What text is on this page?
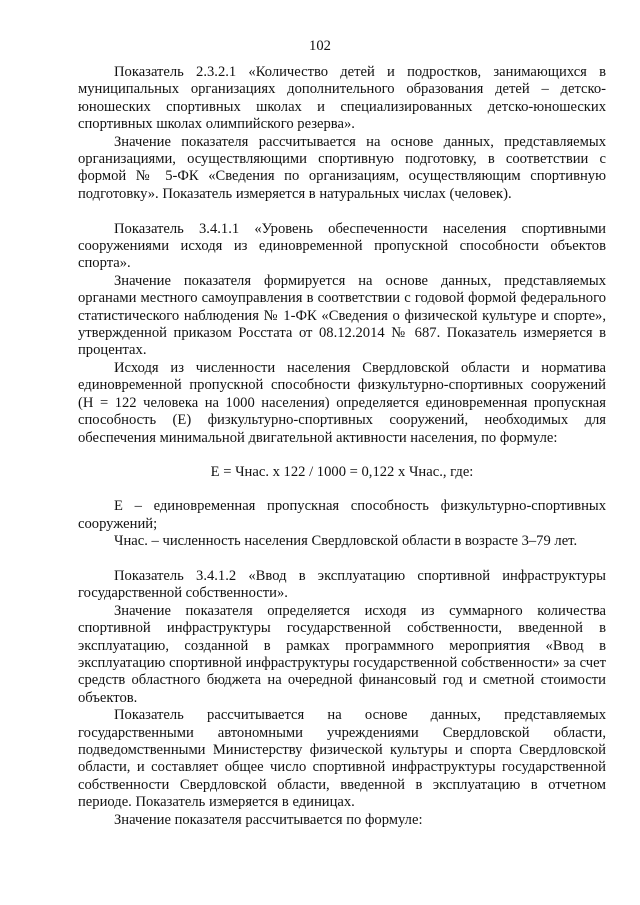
102

Показатель 2.3.2.1 «Количество детей и подростков, занимающихся в муниципальных организациях дополнительного образования детей – детско-юношеских спортивных школах и специализированных детско-юношеских спортивных школах олимпийского резерва».

Значение показателя рассчитывается на основе данных, представляемых организациями, осуществляющими спортивную подготовку, в соответствии с формой № 5-ФК «Сведения по организациям, осуществляющим спортивную подготовку». Показатель измеряется в натуральных числах (человек).

Показатель 3.4.1.1 «Уровень обеспеченности населения спортивными сооружениями исходя из единовременной пропускной способности объектов спорта».

Значение показателя формируется на основе данных, представляемых органами местного самоуправления в соответствии с годовой формой федерального статистического наблюдения № 1-ФК «Сведения о физической культуре и спорте», утвержденной приказом Росстата от 08.12.2014 № 687. Показатель измеряется в процентах.

Исходя из численности населения Свердловской области и норматива единовременной пропускной способности физкультурно-спортивных сооружений (Н = 122 человека на 1000 населения) определяется единовременная пропускная способность (Е) физкультурно-спортивных сооружений, необходимых для обеспечения минимальной двигательной активности населения, по формуле:

Е = Чнас. х 122 / 1000 = 0,122 х Чнас., где:

Е – единовременная пропускная способность физкультурно-спортивных сооружений;

Чнас. – численность населения Свердловской области в возрасте 3–79 лет.

Показатель 3.4.1.2 «Ввод в эксплуатацию спортивной инфраструктуры государственной собственности».

Значение показателя определяется исходя из суммарного количества спортивной инфраструктуры государственной собственности, введенной в эксплуатацию, созданной в рамках программного мероприятия «Ввод в эксплуатацию спортивной инфраструктуры государственной собственности» за счет средств областного бюджета на очередной финансовый год и сметной стоимости объектов.

Показатель рассчитывается на основе данных, представляемых государственными автономными учреждениями Свердловской области, подведомственными Министерству физической культуры и спорта Свердловской области, и составляет общее число спортивной инфраструктуры государственной собственности Свердловской области, введенной в эксплуатацию в отчетном периоде. Показатель измеряется в единицах.

Значение показателя рассчитывается по формуле:
